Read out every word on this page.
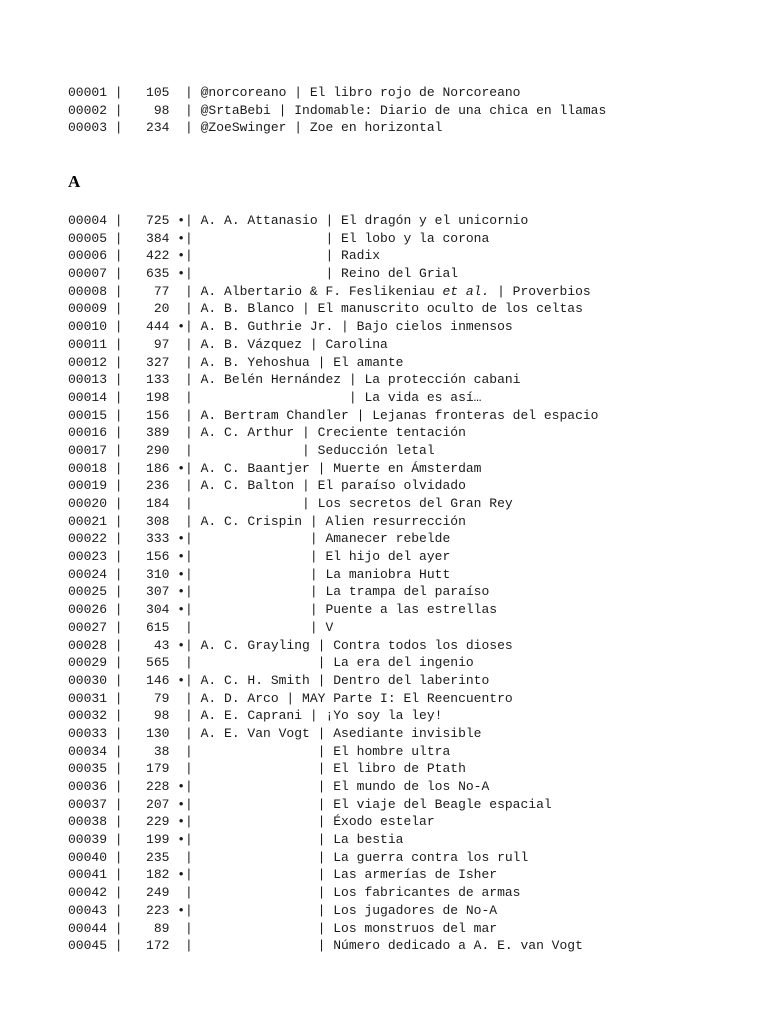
00001 |   105  | @norcoreano | El libro rojo de Norcoreano
00002 |    98  | @SrtaBebi | Indomable: Diario de una chica en llamas
00003 |   234  | @ZoeSwinger | Zoe en horizontal
A
00004 |   725 •| A. A. Attanasio | El dragón y el unicornio
00005 |   384 •|                 | El lobo y la corona
00006 |   422 •|                 | Radix
00007 |   635 •|                 | Reino del Grial
00008 |    77  | A. Albertario & F. Feslikeniau et al. | Proverbios
00009 |    20  | A. B. Blanco | El manuscrito oculto de los celtas
00010 |   444 •| A. B. Guthrie Jr. | Bajo cielos inmensos
00011 |    97  | A. B. Vázquez | Carolina
00012 |   327  | A. B. Yehoshua | El amante
00013 |   133  | A. Belén Hernández | La protección cabani
00014 |   198  |                    | La vida es así…
00015 |   156  | A. Bertram Chandler | Lejanas fronteras del espacio
00016 |   389  | A. C. Arthur | Creciente tentación
00017 |   290  |              | Seducción letal
00018 |   186 •| A. C. Baantjer | Muerte en Ámsterdam
00019 |   236  | A. C. Balton | El paraíso olvidado
00020 |   184  |              | Los secretos del Gran Rey
00021 |   308  | A. C. Crispin | Alien resurrección
00022 |   333 •|               | Amanecer rebelde
00023 |   156 •|               | El hijo del ayer
00024 |   310 •|               | La maniobra Hutt
00025 |   307 •|               | La trampa del paraíso
00026 |   304 •|               | Puente a las estrellas
00027 |   615  |               | V
00028 |    43 •| A. C. Grayling | Contra todos los dioses
00029 |   565  |                | La era del ingenio
00030 |   146 •| A. C. H. Smith | Dentro del laberinto
00031 |    79  | A. D. Arco | MAY Parte I: El Reencuentro
00032 |    98  | A. E. Caprani | ¡Yo soy la ley!
00033 |   130  | A. E. Van Vogt | Asediante invisible
00034 |    38  |                | El hombre ultra
00035 |   179  |                | El libro de Ptath
00036 |   228 •|                | El mundo de los No-A
00037 |   207 •|                | El viaje del Beagle espacial
00038 |   229 •|                | Éxodo estelar
00039 |   199 •|                | La bestia
00040 |   235  |                | La guerra contra los rull
00041 |   182 •|                | Las armerías de Isher
00042 |   249  |                | Los fabricantes de armas
00043 |   223 •|                | Los jugadores de No-A
00044 |    89  |                | Los monstruos del mar
00045 |   172  |                | Número dedicado a A. E. van Vogt
